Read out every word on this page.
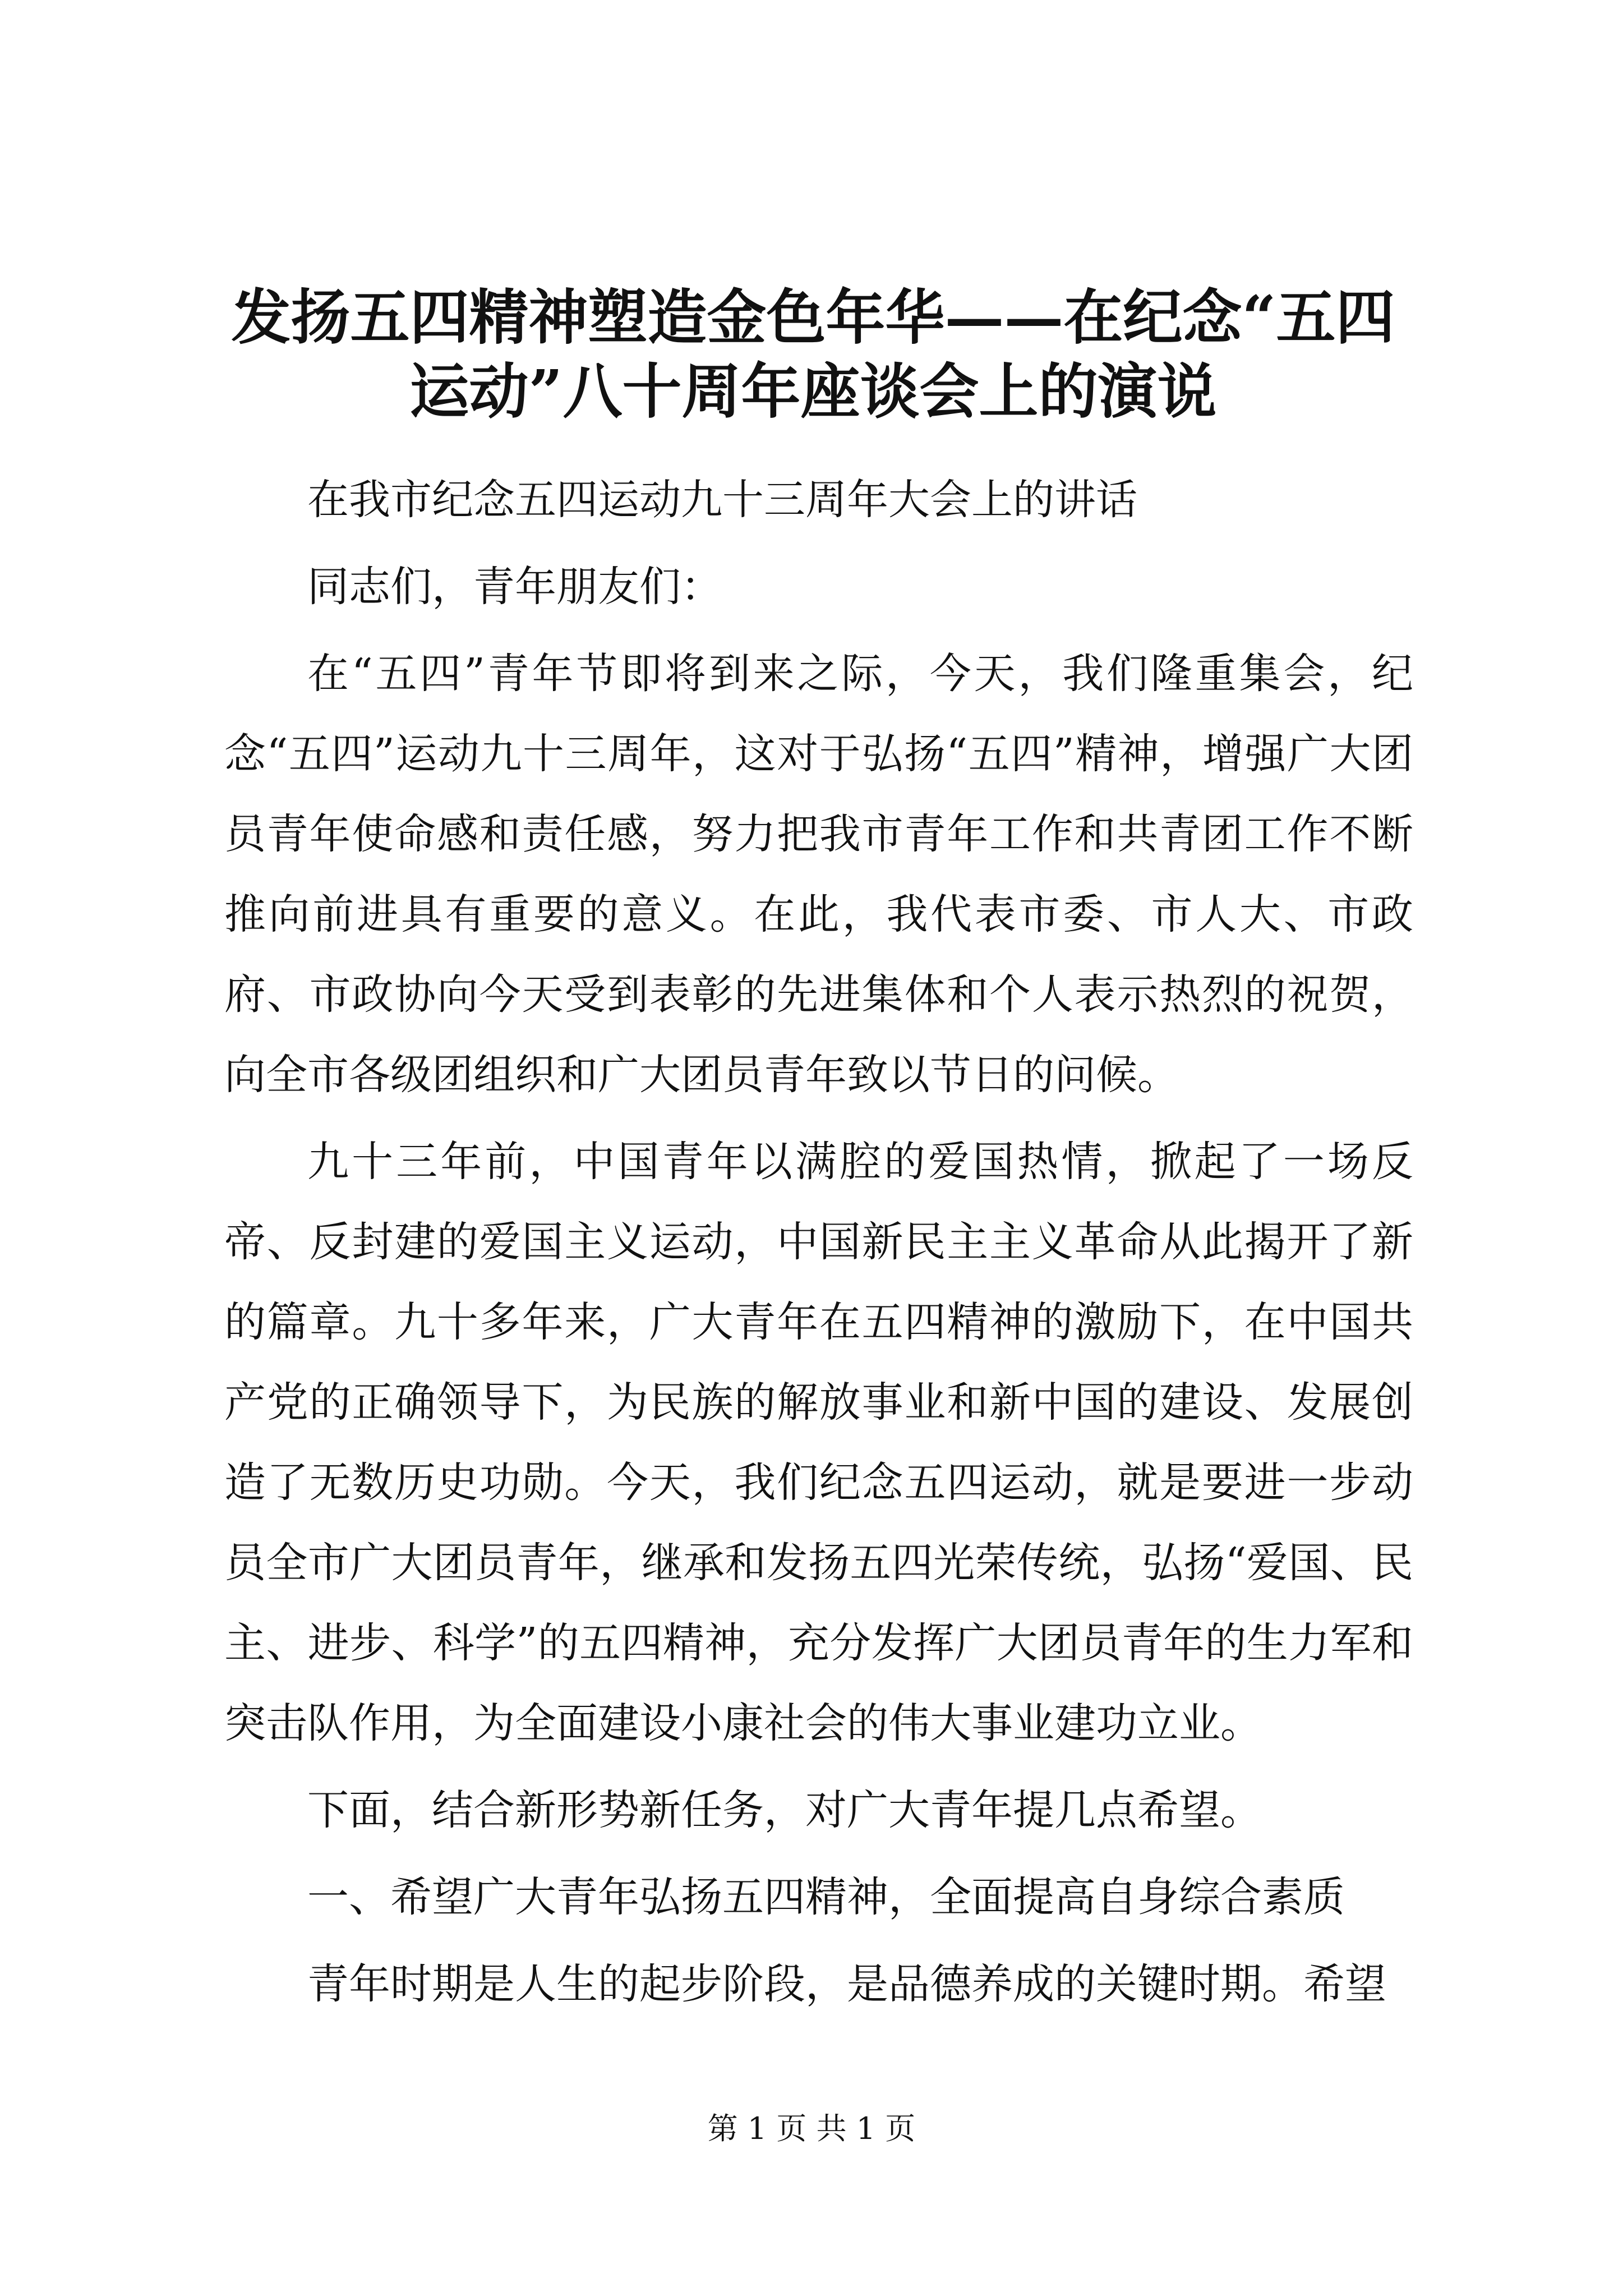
发扬五四精神塑造金色年华——在纪念“五四运动”八十周年座谈会上的演说

在我市纪念五四运动九十三周年大会上的讲话

同志们，青年朋友们：

在“五四”青年节即将到来之际，今天，我们隆重集会，纪念“五四”运动九十三周年，这对于弘扬“五四”精神，增强广大团员青年使命感和责任感，努力把我市青年工作和共青团工作不断推向前进具有重要的意义。在此，我代表市委、市人大、市政府、市政协向今天受到表彰的先进集体和个人表示热烈的祝贺，向全市各级团组织和广大团员青年致以节日的问候。

九十三年前，中国青年以满腔的爱国热情，掀起了一场反帝、反封建的爱国主义运动，中国新民主主义革命从此揭开了新的篇章。九十多年来，广大青年在五四精神的激励下，在中国共产党的正确领导下，为民族的解放事业和新中国的建设、发展创造了无数历史功勋。今天，我们纪念五四运动，就是要进一步动员全市广大团员青年，继承和发扬五四光荣传统，弘扬“爱国、民主、进步、科学”的五四精神，充分发挥广大团员青年的生力军和突击队作用，为全面建设小康社会的伟大事业建功立业。

下面，结合新形势新任务，对广大青年提几点希望。

一、希望广大青年弘扬五四精神，全面提高自身综合素质

青年时期是人生的起步阶段，是品德养成的关键时期。希望

第 1 页 共 1 页
